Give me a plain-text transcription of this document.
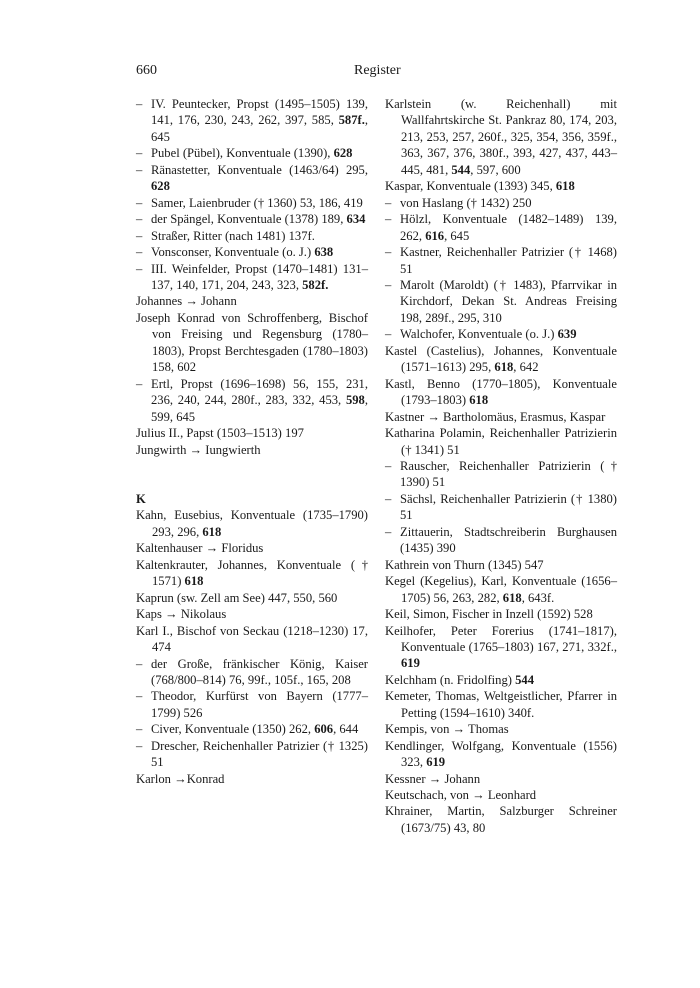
660	Register
– IV. Peuntecker, Propst (1495–1505) 139, 141, 176, 230, 243, 262, 397, 585, 587f., 645
– Pubel (Pübel), Konventuale (1390), 628
– Ränastetter, Konventuale (1463/64) 295, 628
– Samer, Laienbruder († 1360) 53, 186, 419
– der Spängel, Konventuale (1378) 189, 634
– Straßer, Ritter (nach 1481) 137f.
– Vonsconser, Konventuale (o. J.) 638
– III. Weinfelder, Propst (1470–1481) 131–137, 140, 171, 204, 243, 323, 582f.
Johannes → Johann
Joseph Konrad von Schroffenberg, Bischof von Freising und Regensburg (1780–1803), Propst Berchtesgaden (1780–1803) 158, 602
– Ertl, Propst (1696–1698) 56, 155, 231, 236, 240, 244, 280f., 283, 332, 453, 598, 599, 645
Julius II., Papst (1503–1513) 197
Jungwirth → Iungwierth
K
Kahn, Eusebius, Konventuale (1735–1790) 293, 296, 618
Kaltenhauser → Floridus
Kaltenkrauter, Johannes, Konventuale († 1571) 618
Kaprun (sw. Zell am See) 447, 550, 560
Kaps → Nikolaus
Karl I., Bischof von Seckau (1218–1230) 17, 474
– der Große, fränkischer König, Kaiser (768/800–814) 76, 99f., 105f., 165, 208
– Theodor, Kurfürst von Bayern (1777–1799) 526
– Civer, Konventuale (1350) 262, 606, 644
– Drescher, Reichenhaller Patrizier († 1325) 51
Karlon →Konrad
Karlstein (w. Reichenhall) mit Wallfahrtskirche St. Pankraz 80, 174, 203, 213, 253, 257, 260f., 325, 354, 356, 359f., 363, 367, 376, 380f., 393, 427, 437, 443–445, 481, 544, 597, 600
Kaspar, Konventuale (1393) 345, 618
– von Haslang († 1432) 250
– Hölzl, Konventuale (1482–1489) 139, 262, 616, 645
– Kastner, Reichenhaller Patrizier († 1468) 51
– Marolt (Maroldt) († 1483), Pfarrvikar in Kirchdorf, Dekan St. Andreas Freising 198, 289f., 295, 310
– Walchofer, Konventuale (o. J.) 639
Kastel (Castelius), Johannes, Konventuale (1571–1613) 295, 618, 642
Kastl, Benno (1770–1805), Konventuale (1793–1803) 618
Kastner → Bartholomäus, Erasmus, Kaspar
Katharina Polamin, Reichenhaller Patrizierin († 1341) 51
– Rauscher, Reichenhaller Patrizierin († 1390) 51
– Sächsl, Reichenhaller Patrizierin († 1380) 51
– Zittauerin, Stadtschreiberin Burghausen (1435) 390
Kathrein von Thurn (1345) 547
Kegel (Kegelius), Karl, Konventuale (1656–1705) 56, 263, 282, 618, 643f.
Keil, Simon, Fischer in Inzell (1592) 528
Keilhofer, Peter Forerius (1741–1817), Konventuale (1765–1803) 167, 271, 332f., 619
Kelchham (n. Fridolfing) 544
Kemeter, Thomas, Weltgeistlicher, Pfarrer in Petting (1594–1610) 340f.
Kempis, von → Thomas
Kendlinger, Wolfgang, Konventuale (1556) 323, 619
Kessner → Johann
Keutschach, von → Leonhard
Khrainer, Martin, Salzburger Schreiner (1673/75) 43, 80
